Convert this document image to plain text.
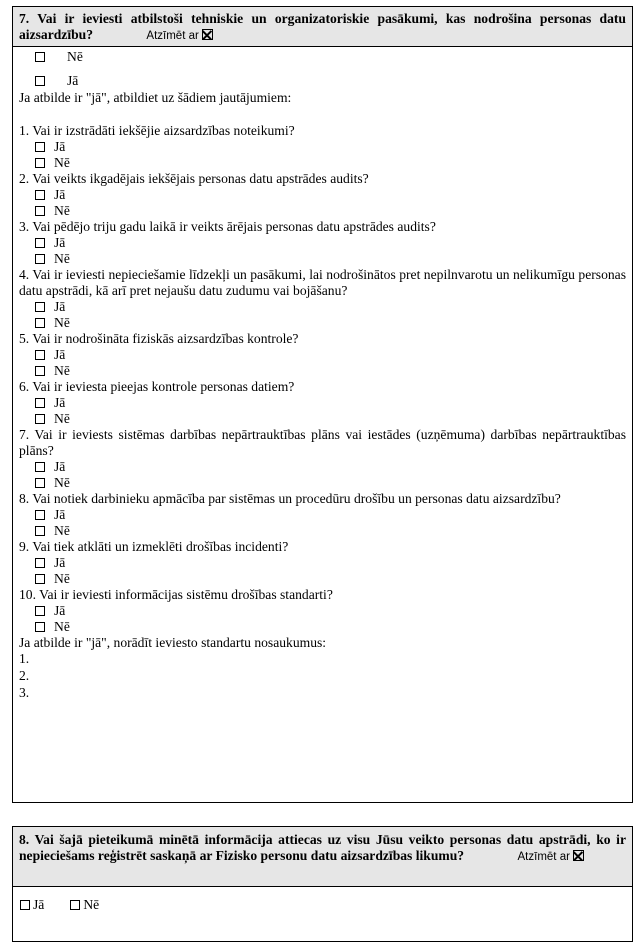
7. Vai ir ieviesti atbilstoši tehniskie un organizatoriskie pasākumi, kas nodrošina personas datu aizsardzību?	Atzīmēt ar
Nē
Jā
Ja atbilde ir "jā", atbildiet uz šādiem jautājumiem:
1. Vai ir izstrādāti iekšējie aizsardzības noteikumi?
Jā
Nē
2. Vai veikts ikgadējais iekšējais personas datu apstrādes audits?
Jā
Nē
3. Vai pēdējo triju gadu laikā ir veikts ārējais personas datu apstrādes audits?
Jā
Nē
4. Vai ir ieviesti nepieciešamie līdzekļi un pasākumi, lai nodrošinātos pret nepilnvarotu un nelikumīgu personas datu apstrādi, kā arī pret nejaušu datu zudumu vai bojāšanu?
Jā
Nē
5. Vai ir nodrošināta fiziskās aizsardzības kontrole?
Jā
Nē
6. Vai ir ieviesta pieejas kontrole personas datiem?
Jā
Nē
7. Vai ir ieviests sistēmas darbības nepārtrauktības plāns vai iestādes (uzņēmuma) darbības nepārtrauktības plāns?
Jā
Nē
8. Vai notiek darbinieku apmācība par sistēmas un procedūru drošību un personas datu aizsardzību?
Jā
Nē
9. Vai tiek atklāti un izmeklēti drošības incidenti?
Jā
Nē
10. Vai ir ieviesti informācijas sistēmu drošības standarti?
Jā
Nē
Ja atbilde ir "jā", norādīt ieviesto standartu nosaukumus:
1.
2.
3.
8. Vai šajā pieteikumā minētā informācija attiecas uz visu Jūsu veikto personas datu apstrādi, ko ir nepieciešams reģistrēt saskaņā ar Fizisko personu datu aizsardzības likumu?	Atzīmēt ar
Jā	Nē
